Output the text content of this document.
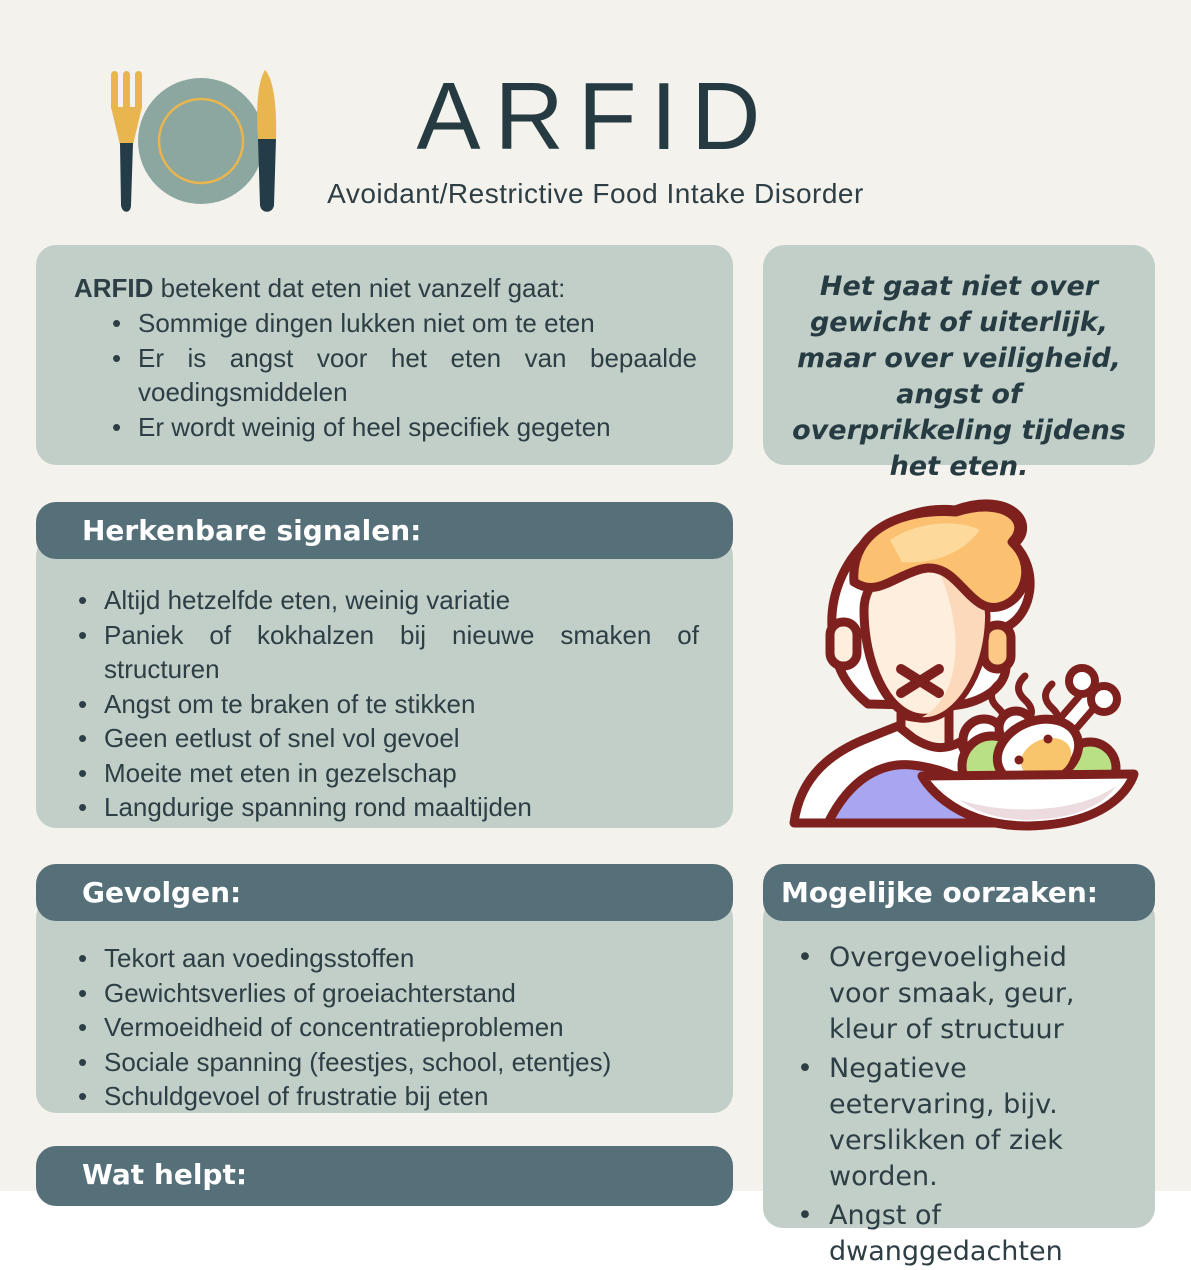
ARFID
Avoidant/Restrictive Food Intake Disorder
ARFID betekent dat eten niet vanzelf gaat:
• Sommige dingen lukken niet om te eten
• Er is angst voor het eten van bepaalde voedingsmiddelen
• Er wordt weinig of heel specifiek gegeten
Het gaat niet over gewicht of uiterlijk, maar over veiligheid, angst of overprikkeling tijdens het eten.
Herkenbare signalen:
• Altijd hetzelfde eten, weinig variatie
• Paniek of kokhalzen bij nieuwe smaken of structuren
• Angst om te braken of te stikken
• Geen eetlust of snel vol gevoel
• Moeite met eten in gezelschap
• Langdurige spanning rond maaltijden
Gevolgen:
• Tekort aan voedingsstoffen
• Gewichtsverlies of groeiachterstand
• Vermoeidheid of concentratieproblemen
• Sociale spanning (feestjes, school, etentjes)
• Schuldgevoel of frustratie bij eten
Wat helpt:
Mogelijke oorzaken:
• Overgevoeligheid voor smaak, geur, kleur of structuur
• Negatieve eetervaring, bijv. verslikken of ziek worden.
• Angst of dwanggedachten
